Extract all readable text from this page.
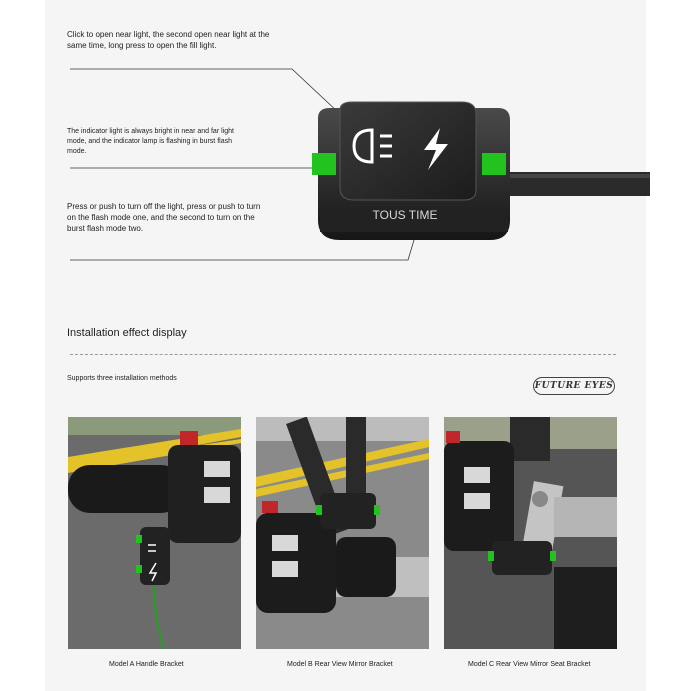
Click to open near light, the second open near light at the same time, long press to open the fill light.
The indicator light is always bright in near and far light mode, and the indicator lamp is flashing in burst flash mode.
Press or push to turn off the light, press or push to turn on the flash mode one, and the second to turn on the burst flash mode two.
TOUS TIME
Installation effect display
Supports three installation methods
FUTURE EYES
Model A Handle Bracket	Model B Rear View Mirror Bracket	Model C Rear View Mirror Seat Bracket
